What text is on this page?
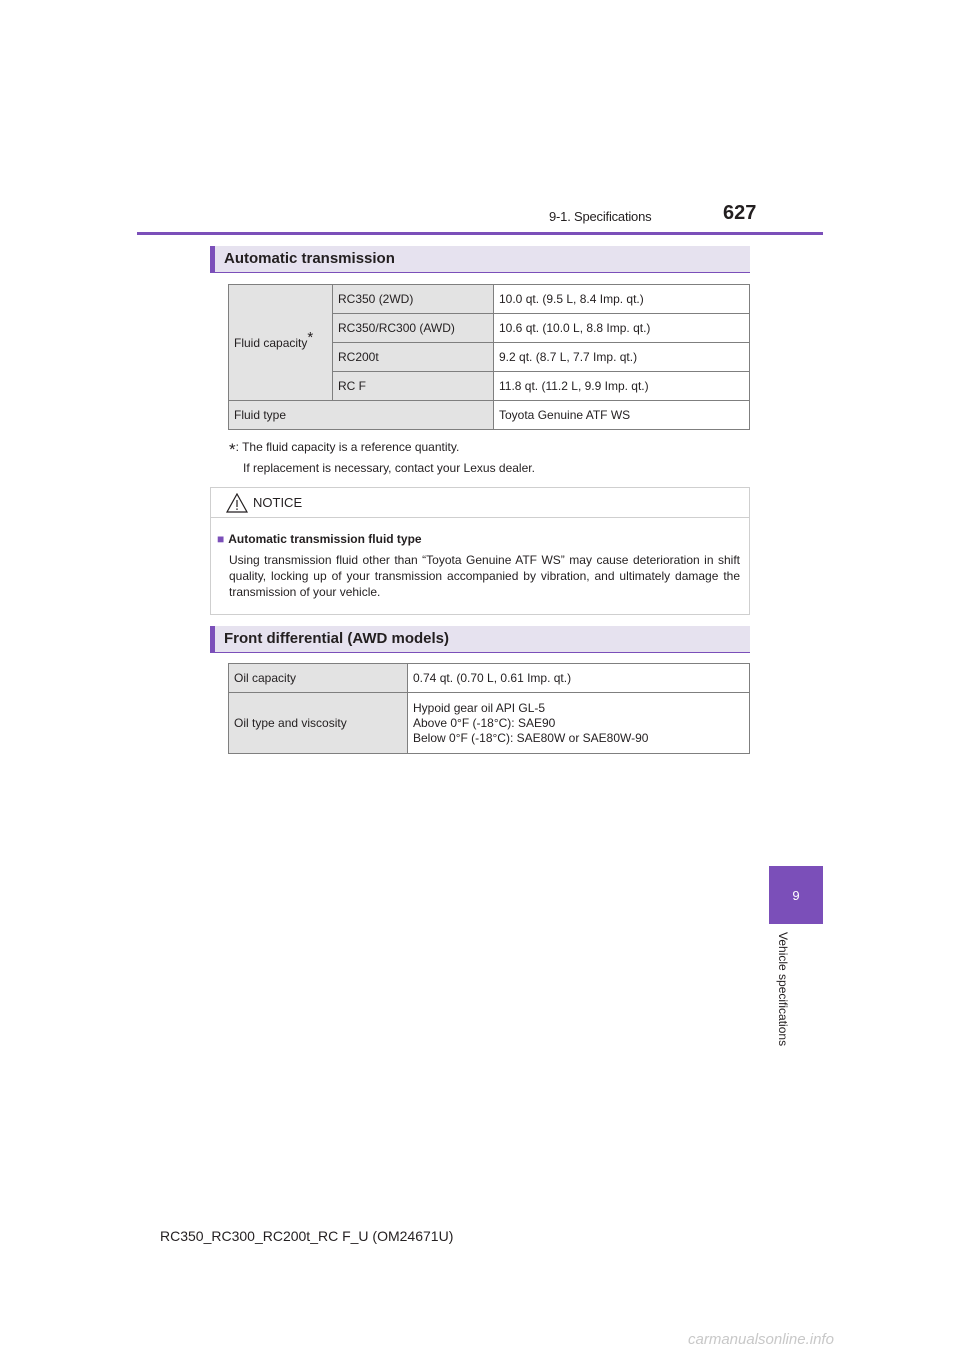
9-1. Specifications	627
9
Vehicle specifications
Automatic transmission
Fluid capacity*	RC350 (2WD)	10.0 qt. (9.5 L, 8.4 Imp. qt.)
	RC350/RC300 (AWD)	10.6 qt. (10.0 L, 8.8 Imp. qt.)
	RC200t	9.2 qt. (8.7 L, 7.7 Imp. qt.)
	RC F	11.8 qt. (11.2 L, 9.9 Imp. qt.)
Fluid type		Toyota Genuine ATF WS
*: The fluid capacity is a reference quantity.
If replacement is necessary, contact your Lexus dealer.
NOTICE
■ Automatic transmission fluid type
Using transmission fluid other than “Toyota Genuine ATF WS” may cause deterioration in shift quality, locking up of your transmission accompanied by vibration, and ultimately damage the transmission of your vehicle.
Front differential (AWD models)
Oil capacity	0.74 qt. (0.70 L, 0.61 Imp. qt.)
Oil type and viscosity	Hypoid gear oil API GL-5
Above 0°F (-18°C): SAE90
Below 0°F (-18°C): SAE80W or SAE80W-90
RC350_RC300_RC200t_RC F_U (OM24671U)
carmanualsonline.info
